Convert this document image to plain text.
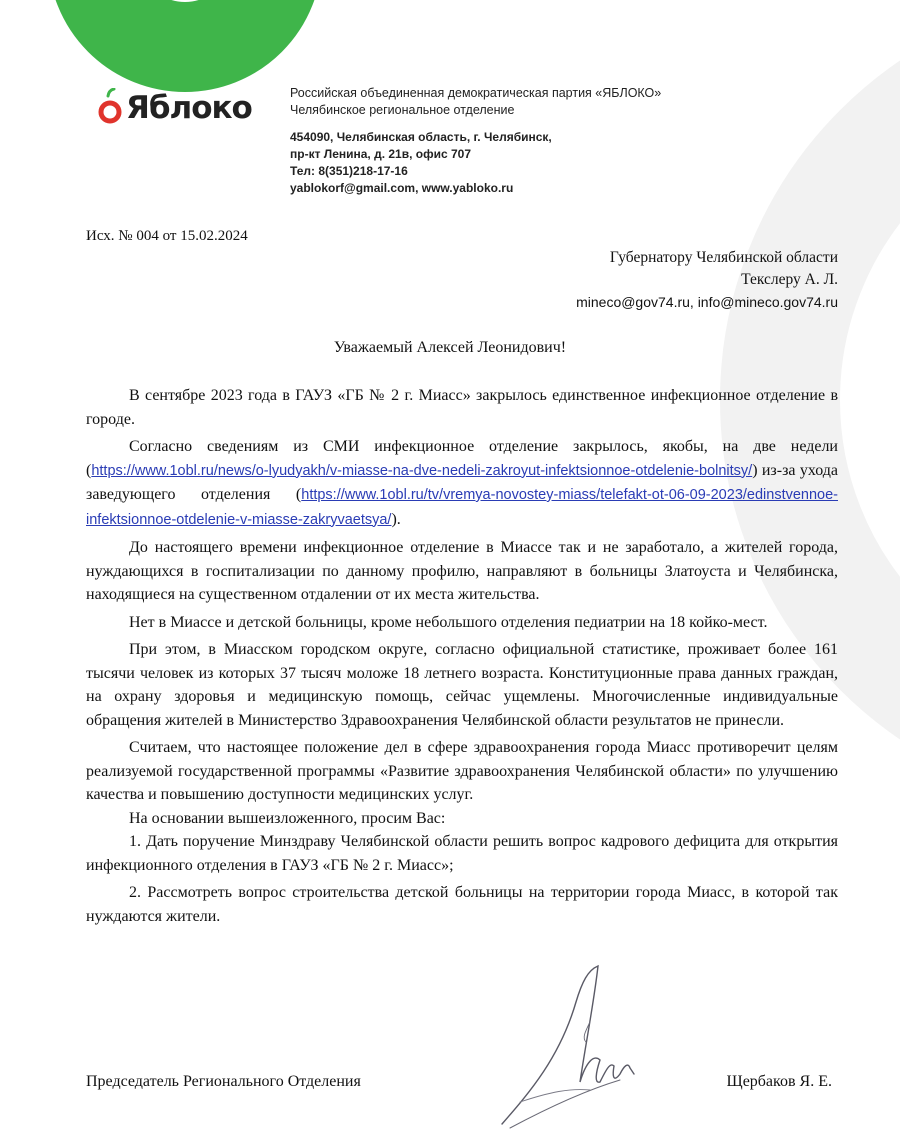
Яблоко	Российская объединенная демократическая партия «ЯБЛОКО»
Челябинское региональное отделение
454090, Челябинская область, г. Челябинск,
пр-кт Ленина, д. 21в, офис 707
Тел: 8(351)218-17-16
yablokorf@gmail.com, www.yabloko.ru
Исх. № 004 от 15.02.2024
Губернатору Челябинской области
Текслеру А. Л.
mineco@gov74.ru, info@mineco.gov74.ru
Уважаемый Алексей Леонидович!

В сентябре 2023 года в ГАУЗ «ГБ № 2 г. Миасс» закрылось единственное инфекционное отделение в городе.

Согласно сведениям из СМИ инфекционное отделение закрылось, якобы, на две недели (https://www.1obl.ru/news/o-lyudyakh/v-miasse-na-dve-nedeli-zakroyut-infektsionnoe-otdelenie-bolnitsy/) из-за ухода заведующего отделения (https://www.1obl.ru/tv/vremya-novostey-miass/telefakt-ot-06-09-2023/edinstvennoe-infektsionnoe-otdelenie-v-miasse-zakryvaetsya/).

До настоящего времени инфекционное отделение в Миассе так и не заработало, а жителей города, нуждающихся в госпитализации по данному профилю, направляют в больницы Златоуста и Челябинска, находящиеся на существенном отдалении от их места жительства.

Нет в Миассе и детской больницы, кроме небольшого отделения педиатрии на 18 койко-мест.

При этом, в Миасском городском округе, согласно официальной статистике, проживает более 161 тысячи человек из которых 37 тысяч моложе 18 летнего возраста. Конституционные права данных граждан, на охрану здоровья и медицинскую помощь, сейчас ущемлены. Многочисленные индивидуальные обращения жителей в Министерство Здравоохранения Челябинской области результатов не принесли.

Считаем, что настоящее положение дел в сфере здравоохранения города Миасс противоречит целям реализуемой государственной программы «Развитие здравоохранения Челябинской области» по улучшению качества и повышению доступности медицинских услуг.

На основании вышеизложенного, просим Вас:

1. Дать поручение Минздраву Челябинской области решить вопрос кадрового дефицита для открытия инфекционного отделения в ГАУЗ «ГБ № 2 г. Миасс»;

2. Рассмотреть вопрос строительства детской больницы на территории города Миасс, в которой так нуждаются жители.

Председатель Регионального Отделения	Щербаков Я. Е.
